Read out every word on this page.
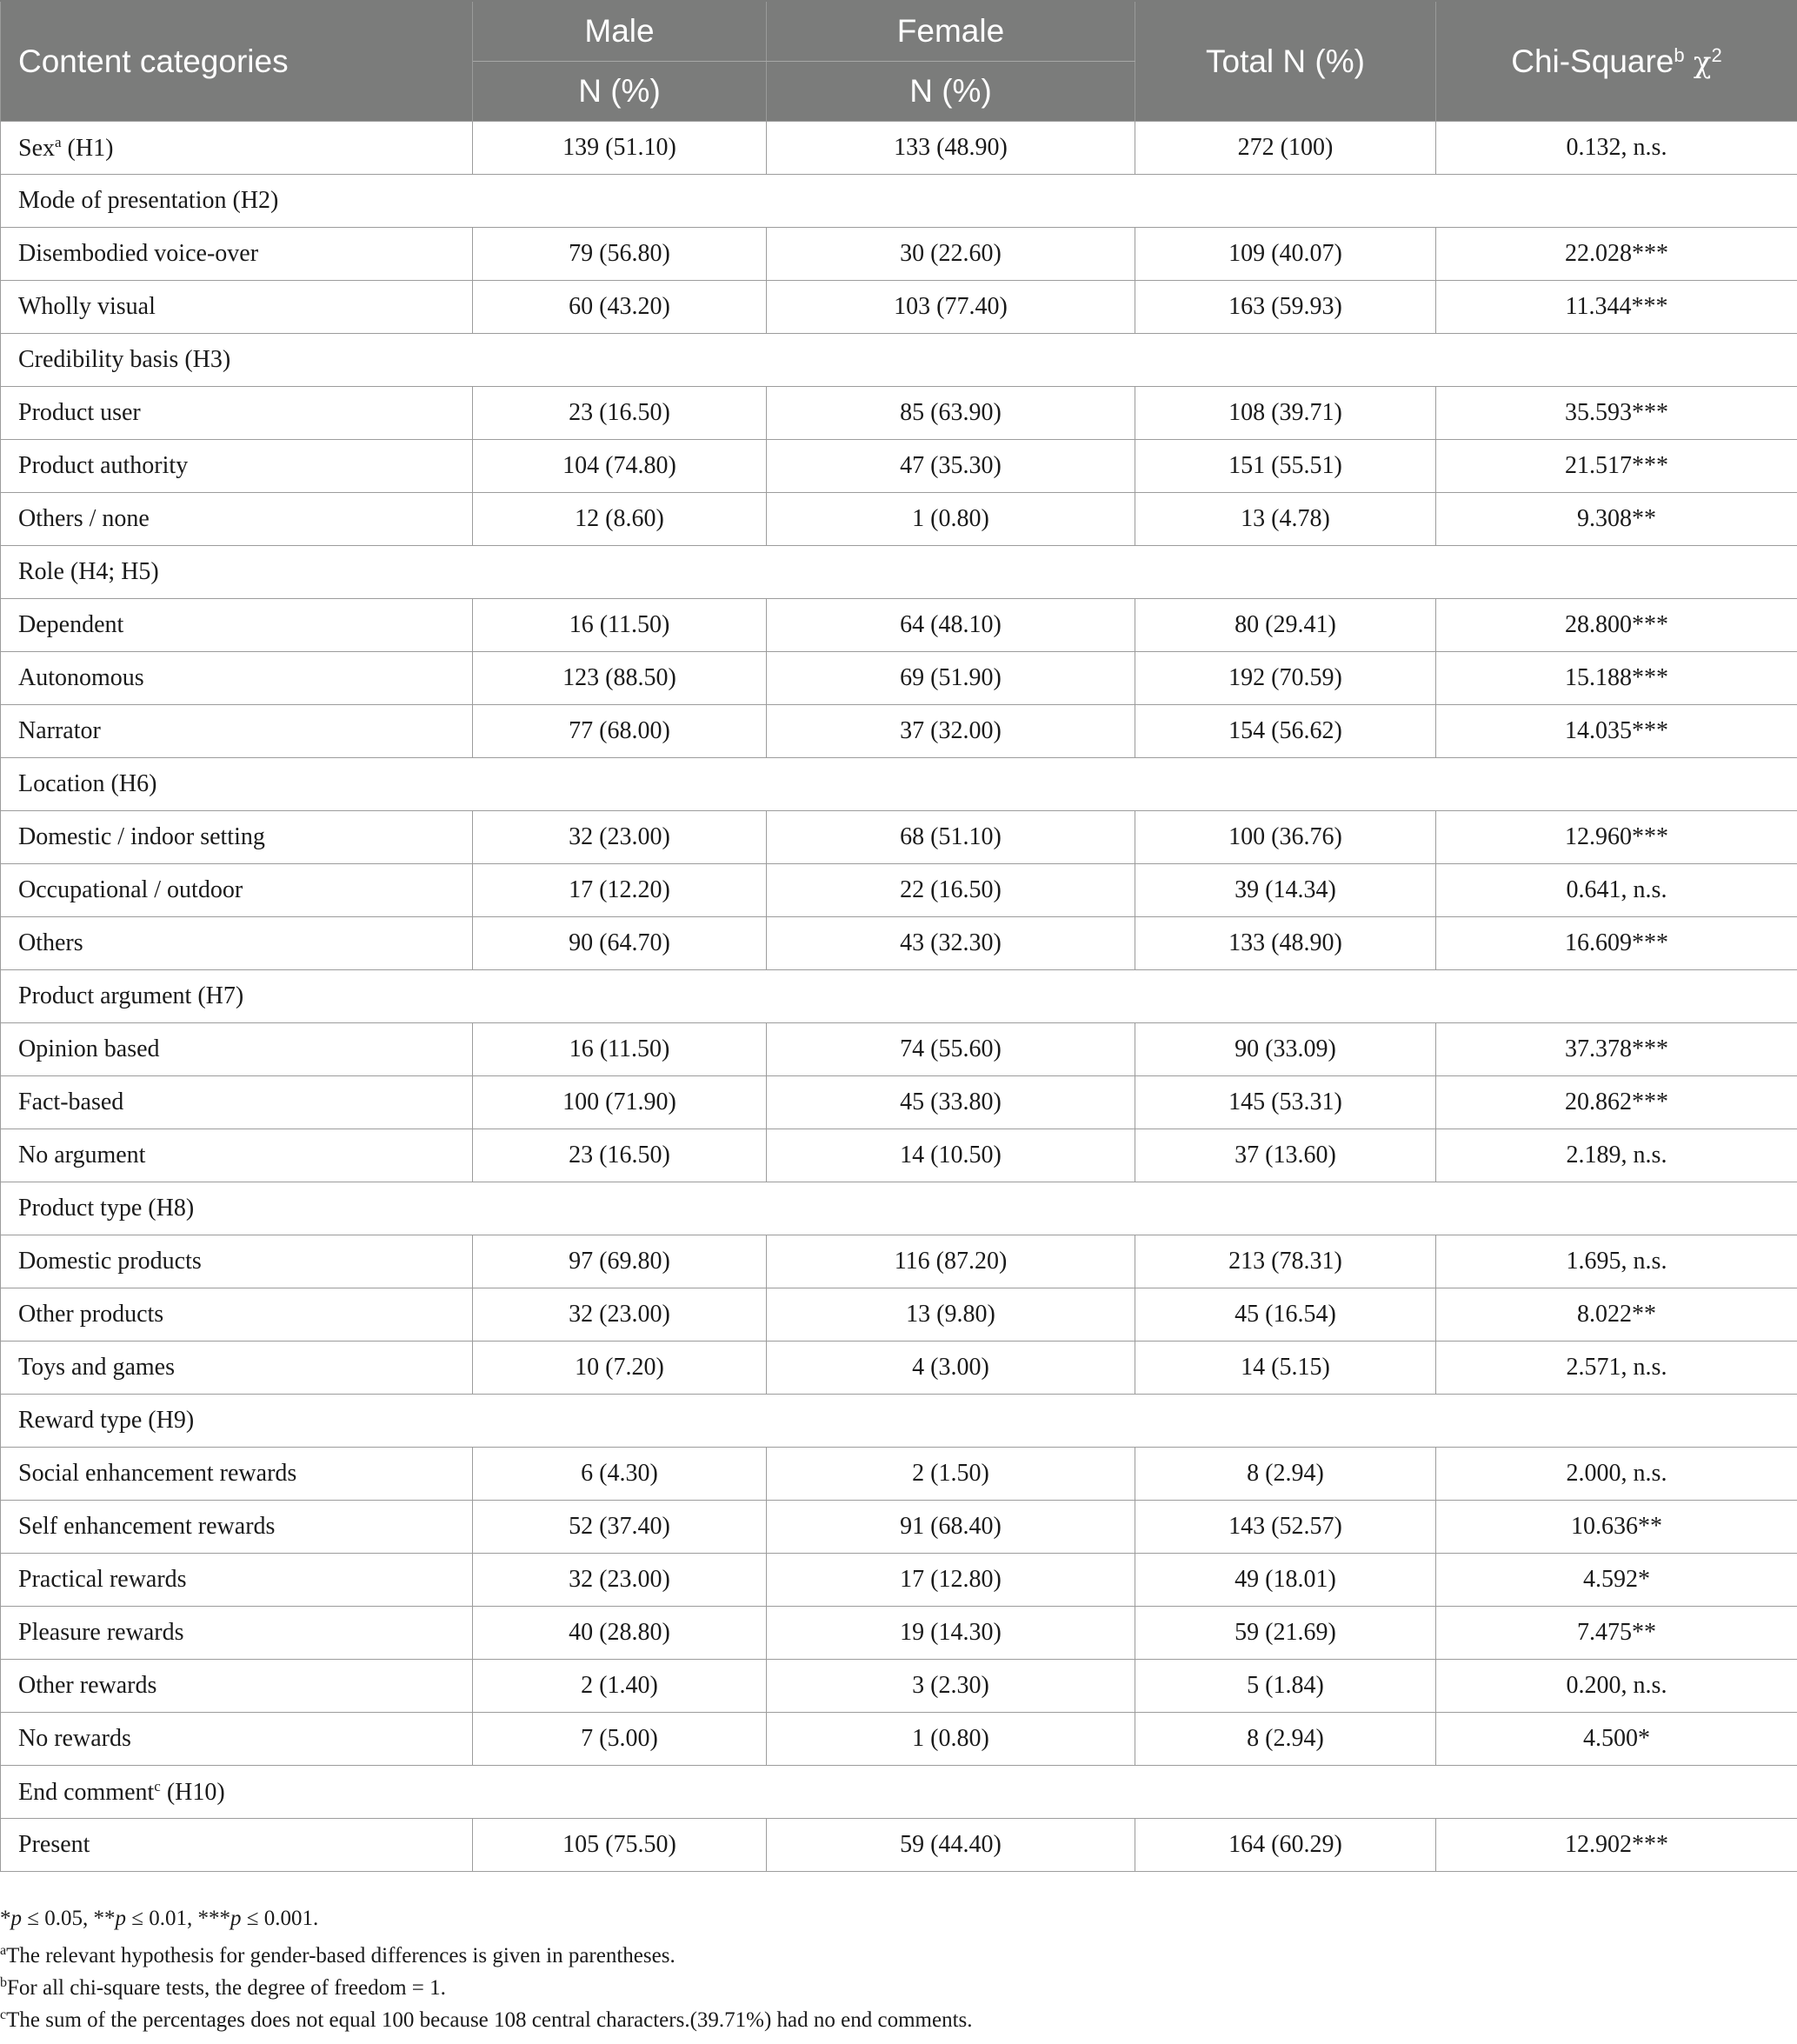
Content categories	Male	Female	Total N (%)	Chi-Square$^b$ $\chi^2$
	N (%)	N (%)		
Sex$^a$ (H1)	139 (51.10)	133 (48.90)	272 (100)	0.132, n.s.
Mode of presentation (H2)				
Disembodied voice-over	79 (56.80)	30 (22.60)	109 (40.07)	22.028***
Wholly visual	60 (43.20)	103 (77.40)	163 (59.93)	11.344***
Credibility basis (H3)				
Product user	23 (16.50)	85 (63.90)	108 (39.71)	35.593***
Product authority	104 (74.80)	47 (35.30)	151 (55.51)	21.517***
Others / none	12 (8.60)	1 (0.80)	13 (4.78)	9.308**
Role (H4; H5)				
Dependent	16 (11.50)	64 (48.10)	80 (29.41)	28.800***
Autonomous	123 (88.50)	69 (51.90)	192 (70.59)	15.188***
Narrator	77 (68.00)	37 (32.00)	154 (56.62)	14.035***
Location (H6)				
Domestic / indoor setting	32 (23.00)	68 (51.10)	100 (36.76)	12.960***
Occupational / outdoor	17 (12.20)	22 (16.50)	39 (14.34)	0.641, n.s.
Others	90 (64.70)	43 (32.30)	133 (48.90)	16.609***
Product argument (H7)				
Opinion based	16 (11.50)	74 (55.60)	90 (33.09)	37.378***
Fact-based	100 (71.90)	45 (33.80)	145 (53.31)	20.862***
No argument	23 (16.50)	14 (10.50)	37 (13.60)	2.189, n.s.
Product type (H8)				
Domestic products	97 (69.80)	116 (87.20)	213 (78.31)	1.695, n.s.
Other products	32 (23.00)	13 (9.80)	45 (16.54)	8.022**
Toys and games	10 (7.20)	4 (3.00)	14 (5.15)	2.571, n.s.
Reward type (H9)				
Social enhancement rewards	6 (4.30)	2 (1.50)	8 (2.94)	2.000, n.s.
Self enhancement rewards	52 (37.40)	91 (68.40)	143 (52.57)	10.636**
Practical rewards	32 (23.00)	17 (12.80)	49 (18.01)	4.592*
Pleasure rewards	40 (28.80)	19 (14.30)	59 (21.69)	7.475**
Other rewards	2 (1.40)	3 (2.30)	5 (1.84)	0.200, n.s.
No rewards	7 (5.00)	1 (0.80)	8 (2.94)	4.500*
End comment$^c$ (H10)				
Present	105 (75.50)	59 (44.40)	164 (60.29)	12.902***
*p ≤ 0.05, **p ≤ 0.01, ***p ≤ 0.001.
$^a$The relevant hypothesis for gender-based differences is given in parentheses.
$^b$For all chi-square tests, the degree of freedom = 1.
$^c$The sum of the percentages does not equal 100 because 108 central characters.(39.71%) had no end comments.
